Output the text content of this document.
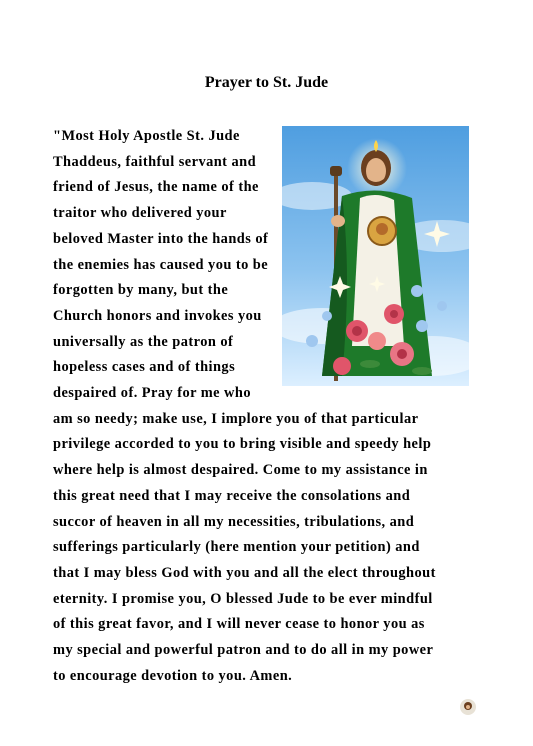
Prayer to St. Jude
"Most Holy Apostle St. Jude
Thaddeus, faithful servant and
friend of Jesus, the name of the
traitor who delivered your
beloved Master into the hands of
the enemies has caused you to be
forgotten by many, but the
Church honors and invokes you
universally as the patron of
hopeless cases and of things
despaired of. Pray for me who
am so needy; make use, I implore you of that particular
privilege accorded to you to bring visible and speedy help
where help is almost despaired. Come to my assistance in
this great need that I may receive the consolations and
succor of heaven in all my necessities, tribulations, and
sufferings particularly (here mention your petition) and
that I may bless God with you and all the elect throughout
eternity. I promise you, O blessed Jude to be ever mindful
of this great favor, and I will never cease to honor you as
my special and powerful patron and to do all in my power
to encourage devotion to you. Amen.
